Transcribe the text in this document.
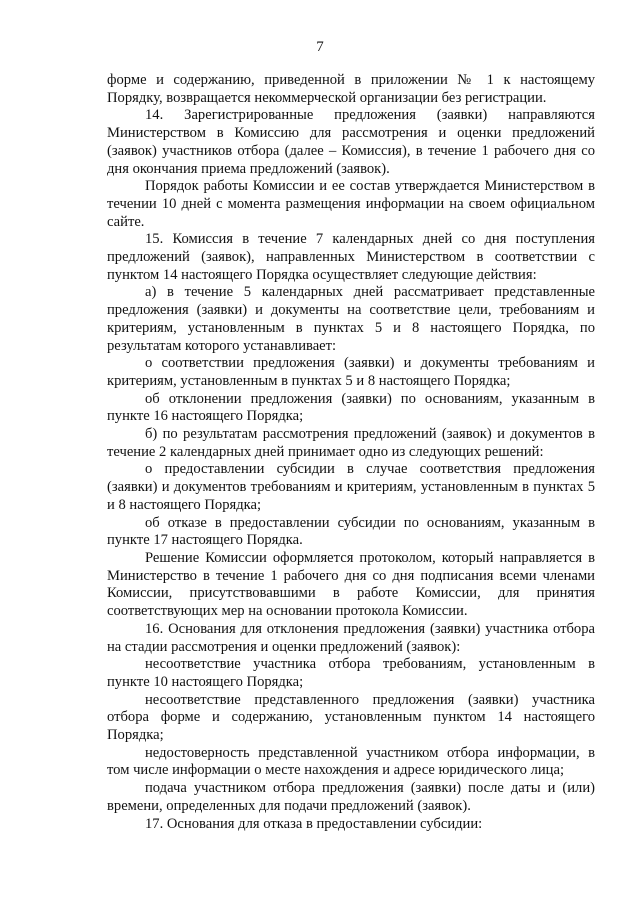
7

форме и содержанию, приведенной в приложении № 1 к настоящему Порядку, возвращается некоммерческой организации без регистрации.

14. Зарегистрированные предложения (заявки) направляются Министерством в Комиссию для рассмотрения и оценки предложений (заявок) участников отбора (далее – Комиссия), в течение 1 рабочего дня со дня окончания приема предложений (заявок).

Порядок работы Комиссии и ее состав утверждается Министерством в течении 10 дней с момента размещения информации на своем официальном сайте.

15. Комиссия в течение 7 календарных дней со дня поступления предложений (заявок), направленных Министерством в соответствии с пунктом 14 настоящего Порядка осуществляет следующие действия:

а) в течение 5 календарных дней рассматривает представленные предложения (заявки) и документы на соответствие цели, требованиям и критериям, установленным в пунктах 5 и 8 настоящего Порядка, по результатам которого устанавливает:

о соответствии предложения (заявки) и документы требованиям и критериям, установленным в пунктах 5 и 8 настоящего Порядка;

об отклонении предложения (заявки) по основаниям, указанным в пункте 16 настоящего Порядка;

б) по результатам рассмотрения предложений (заявок) и документов в течение 2 календарных дней принимает одно из следующих решений:

о предоставлении субсидии в случае соответствия предложения (заявки) и документов требованиям и критериям, установленным в пунктах 5 и 8 настоящего Порядка;

об отказе в предоставлении субсидии по основаниям, указанным в пункте 17 настоящего Порядка.

Решение Комиссии оформляется протоколом, который направляется в Министерство в течение 1 рабочего дня со дня подписания всеми членами Комиссии, присутствовавшими в работе Комиссии, для принятия соответствующих мер на основании протокола Комиссии.

16. Основания для отклонения предложения (заявки) участника отбора на стадии рассмотрения и оценки предложений (заявок):

несоответствие участника отбора требованиям, установленным в пункте 10 настоящего Порядка;

несоответствие представленного предложения (заявки) участника отбора форме и содержанию, установленным пунктом 14 настоящего Порядка;

недостоверность представленной участником отбора информации, в том числе информации о месте нахождения и адресе юридического лица;

подача участником отбора предложения (заявки) после даты и (или) времени, определенных для подачи предложений (заявок).

17. Основания для отказа в предоставлении субсидии:
